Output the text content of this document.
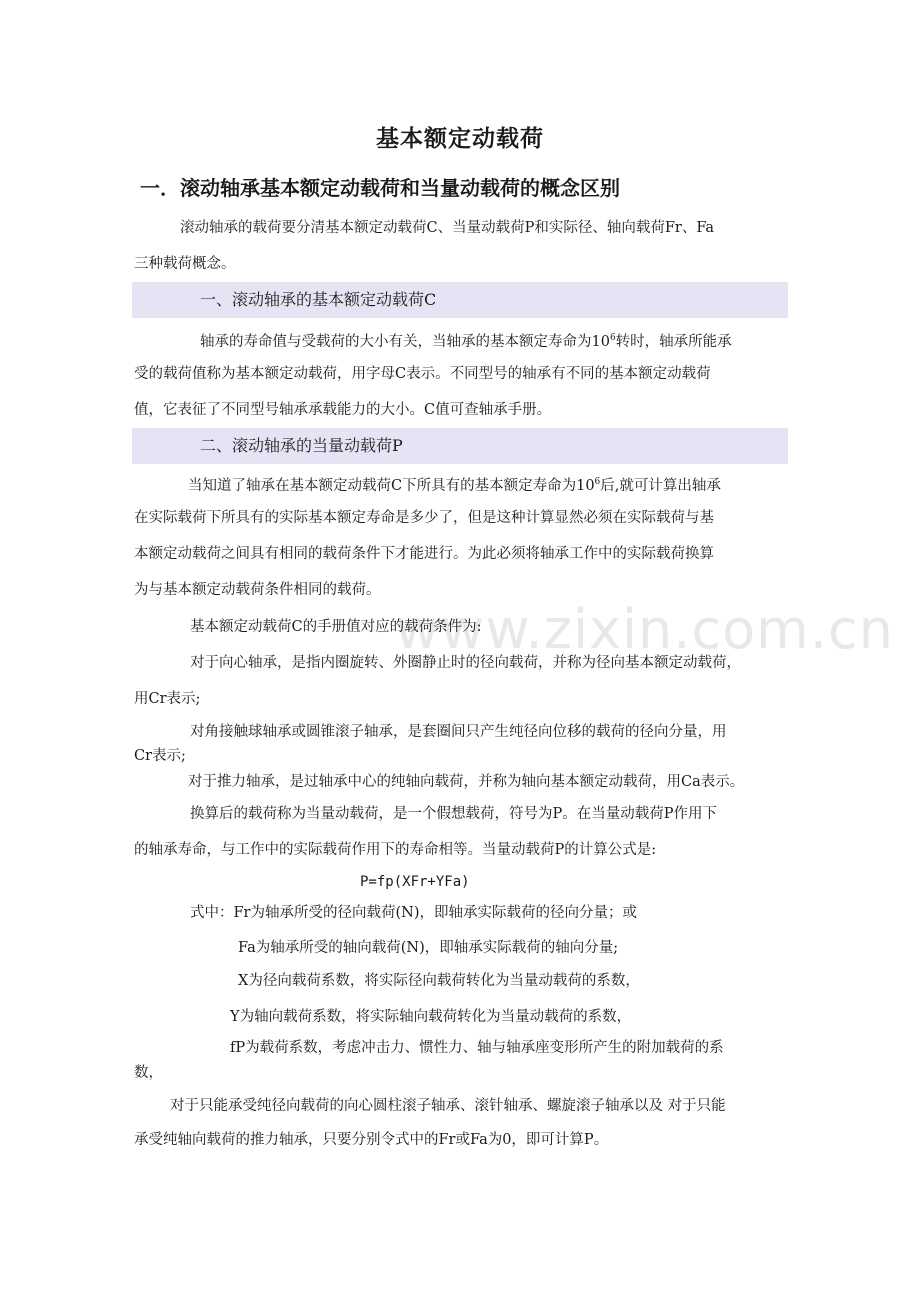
www.zixin.com.cn
基本额定动载荷
一．滚动轴承基本额定动载荷和当量动载荷的概念区别
滚动轴承的载荷要分清基本额定动载荷C、当量动载荷P和实际径、轴向载荷Fr、Fa
三种载荷概念。
一、滚动轴承的基本额定动载荷C
轴承的寿命值与受载荷的大小有关，当轴承的基本额定寿命为$10^6$转时，轴承所能承
受的载荷值称为基本额定动载荷，用字母C表示。不同型号的轴承有不同的基本额定动载荷
值，它表征了不同型号轴承承载能力的大小。C值可查轴承手册。
二、滚动轴承的当量动载荷P
当知道了轴承在基本额定动载荷C下所具有的基本额定寿命为$10^6$后,就可计算出轴承
在实际载荷下所具有的实际基本额定寿命是多少了，但是这种计算显然必须在实际载荷与基
本额定动载荷之间具有相同的载荷条件下才能进行。为此必须将轴承工作中的实际载荷换算
为与基本额定动载荷条件相同的载荷。
基本额定动载荷C的手册值对应的载荷条件为:
对于向心轴承，是指内圈旋转、外圈静止时的径向载荷，并称为径向基本额定动载荷，
用Cr表示;
对角接触球轴承或圆锥滚子轴承，是套圈间只产生纯径向位移的载荷的径向分量，用
Cr表示;
对于推力轴承，是过轴承中心的纯轴向载荷，并称为轴向基本额定动载荷，用Ca表示。
换算后的载荷称为当量动载荷，是一个假想载荷，符号为P。在当量动载荷P作用下
的轴承寿命，与工作中的实际载荷作用下的寿命相等。当量动载荷P的计算公式是:
P=fp(XFr+YFa)
式中：Fr为轴承所受的径向载荷(N)，即轴承实际载荷的径向分量；或
Fa为轴承所受的轴向载荷(N)，即轴承实际载荷的轴向分量;
X为径向载荷系数，将实际径向载荷转化为当量动载荷的系数，
Y为轴向载荷系数，将实际轴向载荷转化为当量动载荷的系数，
fP为载荷系数，考虑冲击力、惯性力、轴与轴承座变形所产生的附加载荷的系
数，
对于只能承受纯径向载荷的向心圆柱滚子轴承、滚针轴承、螺旋滚子轴承以及 对于只能
承受纯轴向载荷的推力轴承，只要分别令式中的Fr或Fa为0，即可计算P。
